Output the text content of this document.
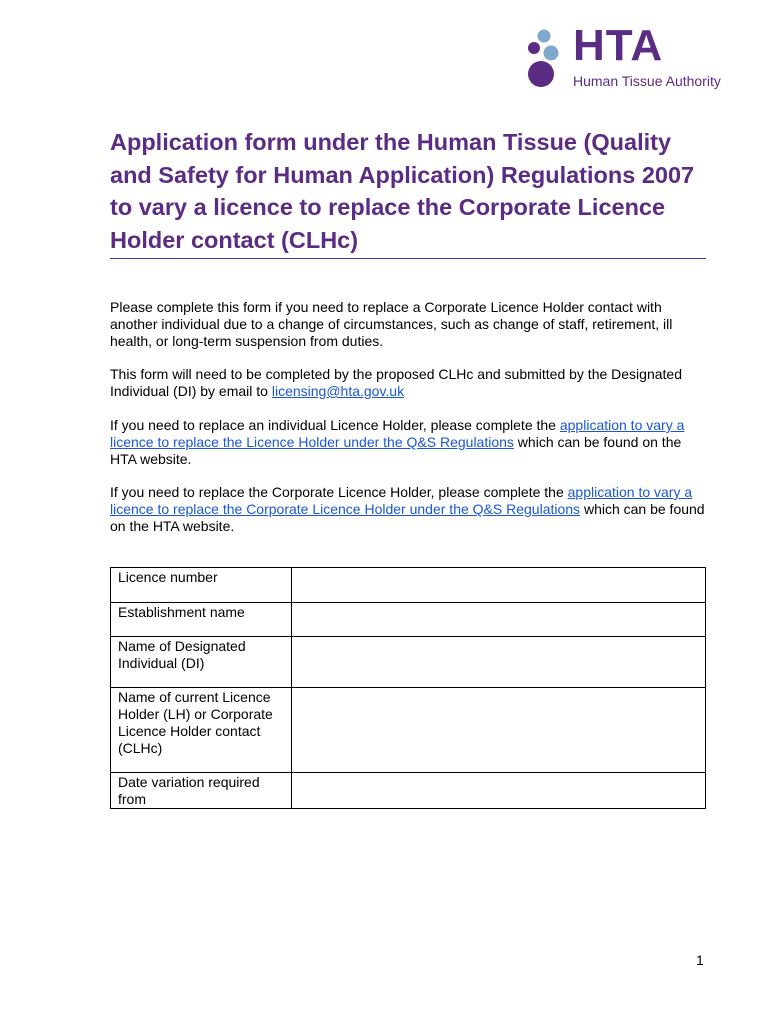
HTA
Human Tissue Authority
Application form under the Human Tissue (Quality and Safety for Human Application) Regulations 2007 to vary a licence to replace the Corporate Licence Holder contact (CLHc)

Please complete this form if you need to replace a Corporate Licence Holder contact with another individual due to a change of circumstances, such as change of staff, retirement, ill health, or long-term suspension from duties.

This form will need to be completed by the proposed CLHc and submitted by the Designated Individual (DI) by email to licensing@hta.gov.uk

If you need to replace an individual Licence Holder, please complete the application to vary a licence to replace the Licence Holder under the Q&S Regulations which can be found on the HTA website.

If you need to replace the Corporate Licence Holder, please complete the application to vary a licence to replace the Corporate Licence Holder under the Q&S Regulations which can be found on the HTA website.

Licence number	
Establishment name	
Name of Designated Individual (DI)	
Name of current Licence Holder (LH) or Corporate Licence Holder contact (CLHc)	
Date variation required from	
1
